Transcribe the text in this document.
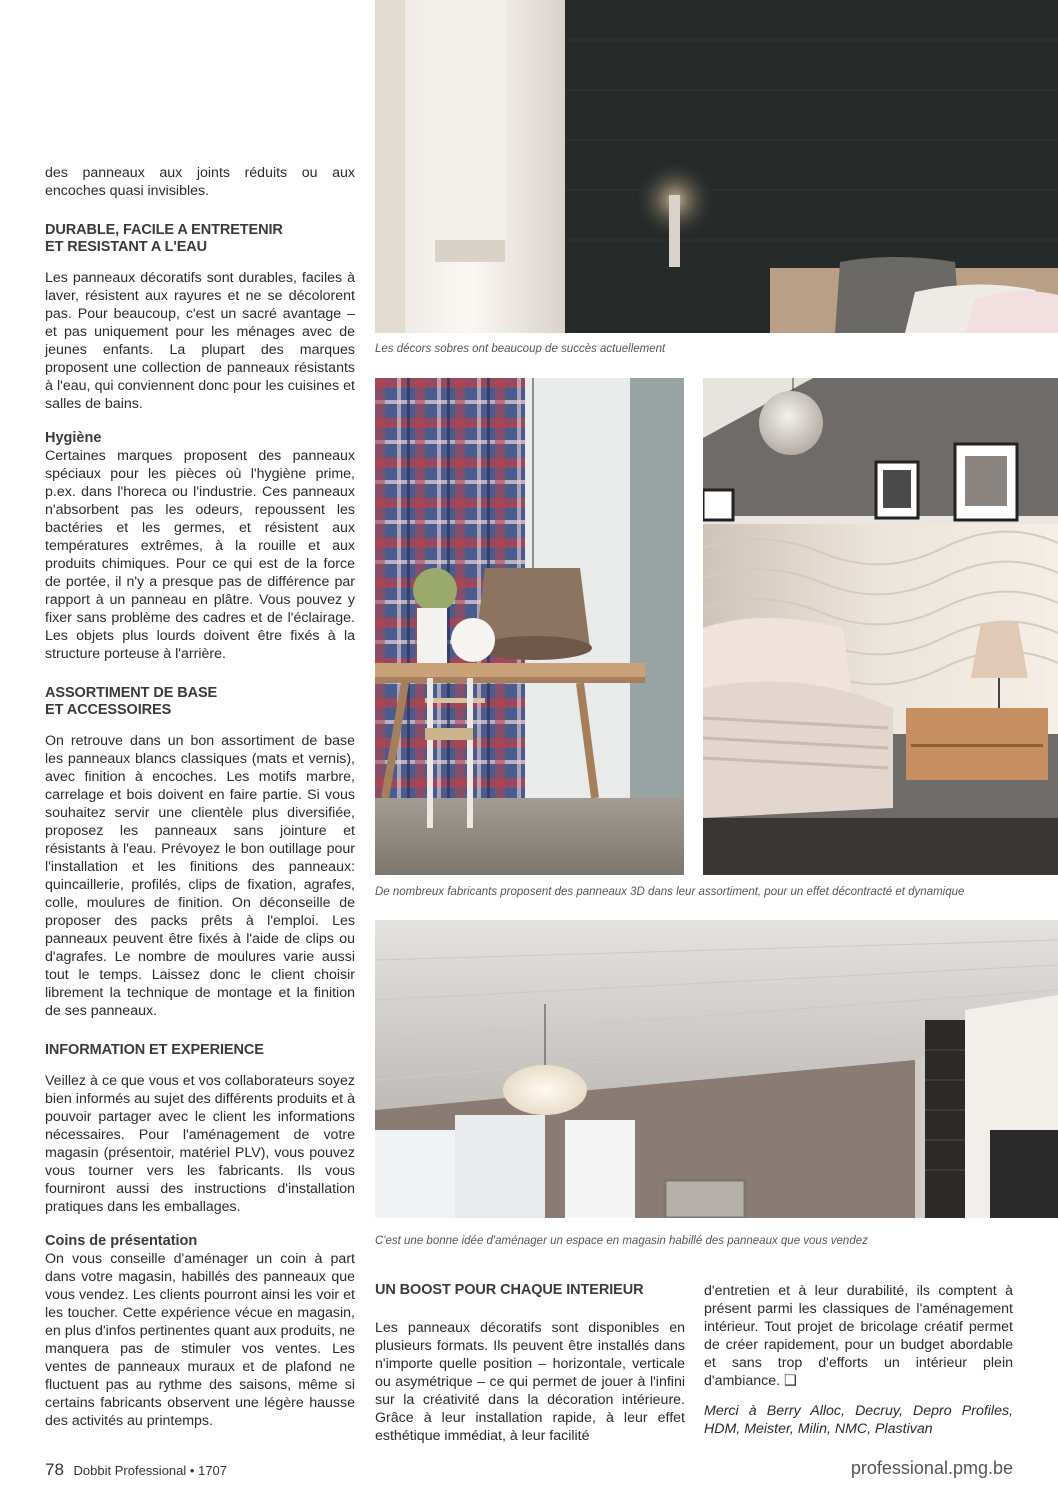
des panneaux aux joints réduits ou aux encoches quasi invisibles.

DURABLE, FACILE A ENTRETENIR
ET RESISTANT A L'EAU

Les panneaux décoratifs sont durables, faciles à laver, résistent aux rayures et ne se décolorent pas. Pour beaucoup, c'est un sacré avantage – et pas uniquement pour les ménages avec de jeunes enfants. La plupart des marques proposent une collection de panneaux résistants à l'eau, qui conviennent donc pour les cuisines et salles de bains.

Hygiène

Certaines marques proposent des panneaux spéciaux pour les pièces où l'hygiène prime, p.ex. dans l'horeca ou l'industrie. Ces panneaux n'absorbent pas les odeurs, repoussent les bactéries et les germes, et résistent aux températures extrêmes, à la rouille et aux produits chimiques. Pour ce qui est de la force de portée, il n'y a presque pas de différence par rapport à un panneau en plâtre. Vous pouvez y fixer sans problème des cadres et de l'éclairage. Les objets plus lourds doivent être fixés à la structure porteuse à l'arrière.

ASSORTIMENT DE BASE
ET ACCESSOIRES

On retrouve dans un bon assortiment de base les panneaux blancs classiques (mats et vernis), avec finition à encoches. Les motifs marbre, carrelage et bois doivent en faire partie. Si vous souhaitez servir une clientèle plus diversifiée, proposez les panneaux sans jointure et résistants à l'eau. Prévoyez le bon outillage pour l'installation et les finitions des panneaux: quincaillerie, profilés, clips de fixation, agrafes, colle, moulures de finition. On déconseille de proposer des packs prêts à l'emploi. Les panneaux peuvent être fixés à l'aide de clips ou d'agrafes. Le nombre de moulures varie aussi tout le temps. Laissez donc le client choisir librement la technique de montage et la finition de ses panneaux.

INFORMATION ET EXPERIENCE

Veillez à ce que vous et vos collaborateurs soyez bien informés au sujet des différents produits et à pouvoir partager avec le client les informations nécessaires. Pour l'aménagement de votre magasin (présentoir, matériel PLV), vous pouvez vous tourner vers les fabricants. Ils vous fourniront aussi des instructions d'installation pratiques dans les emballages.

Coins de présentation

On vous conseille d'aménager un coin à part dans votre magasin, habillés des panneaux que vous vendez. Les clients pourront ainsi les voir et les toucher. Cette expérience vécue en magasin, en plus d'infos pertinentes quant aux produits, ne manquera pas de stimuler vos ventes. Les ventes de panneaux muraux et de plafond ne fluctuent pas au rythme des saisons, même si certains fabricants observent une légère hausse des activités au printemps.

Les décors sobres ont beaucoup de succès actuellement
De nombreux fabricants proposent des panneaux 3D dans leur assortiment, pour un effet décontracté et dynamique
C'est une bonne idée d'aménager un espace en magasin habillé des panneaux que vous vendez
UN BOOST POUR CHAQUE INTERIEUR

Les panneaux décoratifs sont disponibles en plusieurs formats. Ils peuvent être installés dans n'importe quelle position – horizontale, verticale ou asymétrique – ce qui permet de jouer à l'infini sur la créativité dans la décoration intérieure. Grâce à leur installation rapide, à leur effet esthétique immédiat, à leur facilité

d'entretien et à leur durabilité, ils comptent à présent parmi les classiques de l'aménagement intérieur. Tout projet de bricolage créatif permet de créer rapidement, pour un budget abordable et sans trop d'efforts un intérieur plein d'ambiance. ❑

Merci à Berry Alloc, Decruy, Depro Profiles, HDM, Meister, Milin, NMC, Plastivan

78 Dobbit Professional • 1707	professional.pmg.be
